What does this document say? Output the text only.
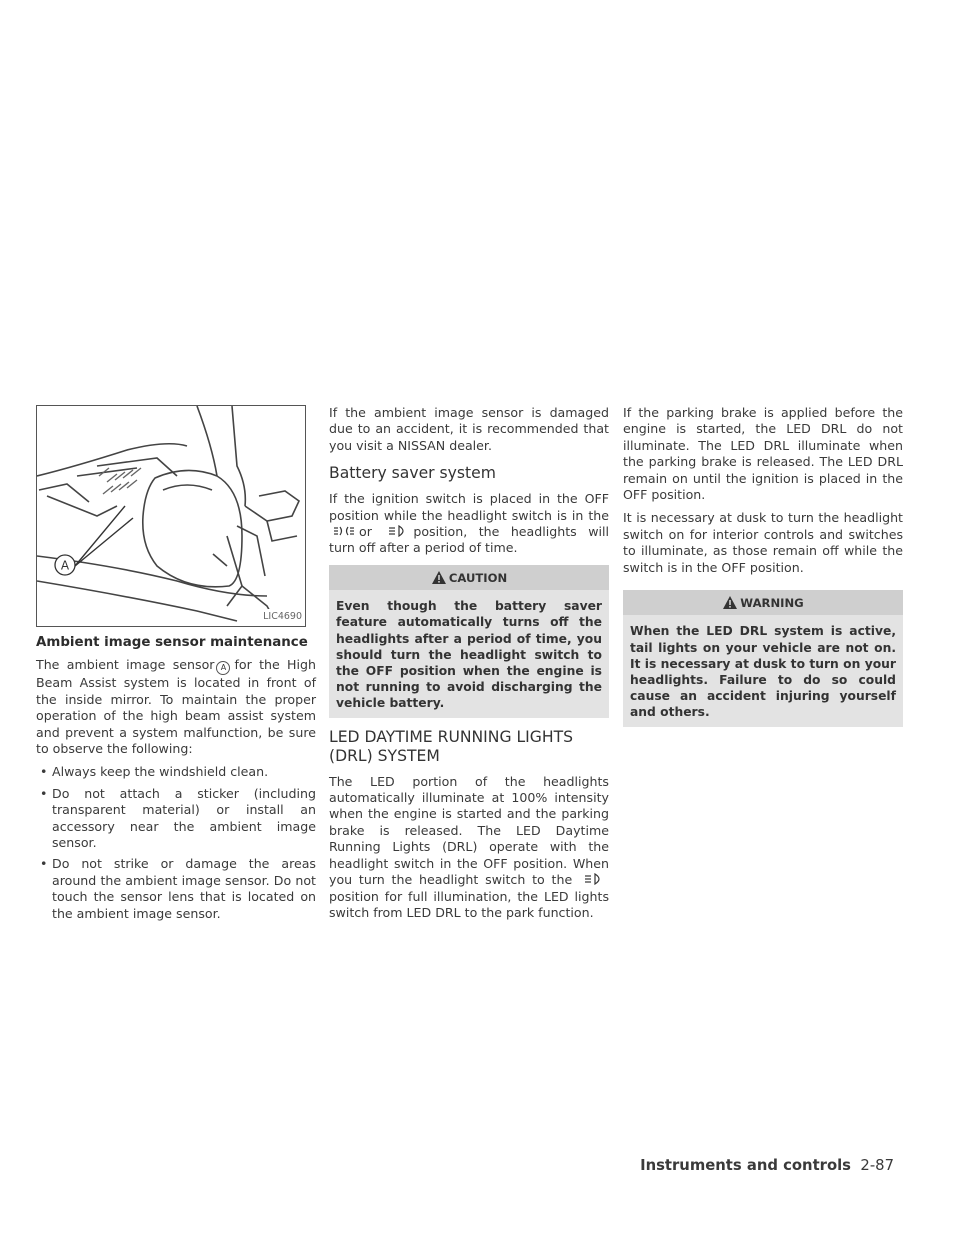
A
LIC4690
Ambient image sensor maintenance

The ambient image sensor A for the High Beam Assist system is located in front of the inside mirror. To maintain the proper operation of the high beam assist system and prevent a system malfunction, be sure to observe the following:

• Always keep the windshield clean.
• Do not attach a sticker (including transparent material) or install an accessory near the ambient image sensor.
• Do not strike or damage the areas around the ambient image sensor. Do not touch the sensor lens that is located on the ambient image sensor.

If the ambient image sensor is damaged due to an accident, it is recommended that you visit a NISSAN dealer.

Battery saver system

If the ignition switch is placed in the OFF position while the headlight switch is in the or	position, the headlights will turn off after a period of time.

CAUTION
Even though the battery saver feature automatically turns off the headlights after a period of time, you should turn the headlight switch to the OFF position when the engine is not running to avoid discharging the vehicle battery.
LED DAYTIME RUNNING LIGHTS (DRL) SYSTEM

The LED portion of the headlights automatically illuminate at 100% intensity when the engine is started and the parking brake is released. The LED Daytime Running Lights (DRL) operate with the headlight switch in the OFF position. When you turn the headlight switch to the position for full illumination, the LED lights switch from LED DRL to the park function.

If the parking brake is applied before the engine is started, the LED DRL do not illuminate. The LED DRL illuminate when the parking brake is released. The LED DRL remain on until the ignition is placed in the OFF position.

It is necessary at dusk to turn the headlight switch on for interior controls and switches to illuminate, as those remain off while the switch is in the OFF position.

WARNING
When the LED DRL system is active, tail lights on your vehicle are not on. It is necessary at dusk to turn on your headlights. Failure to do so could cause an accident injuring yourself and others.
Instruments and controls 2-87
